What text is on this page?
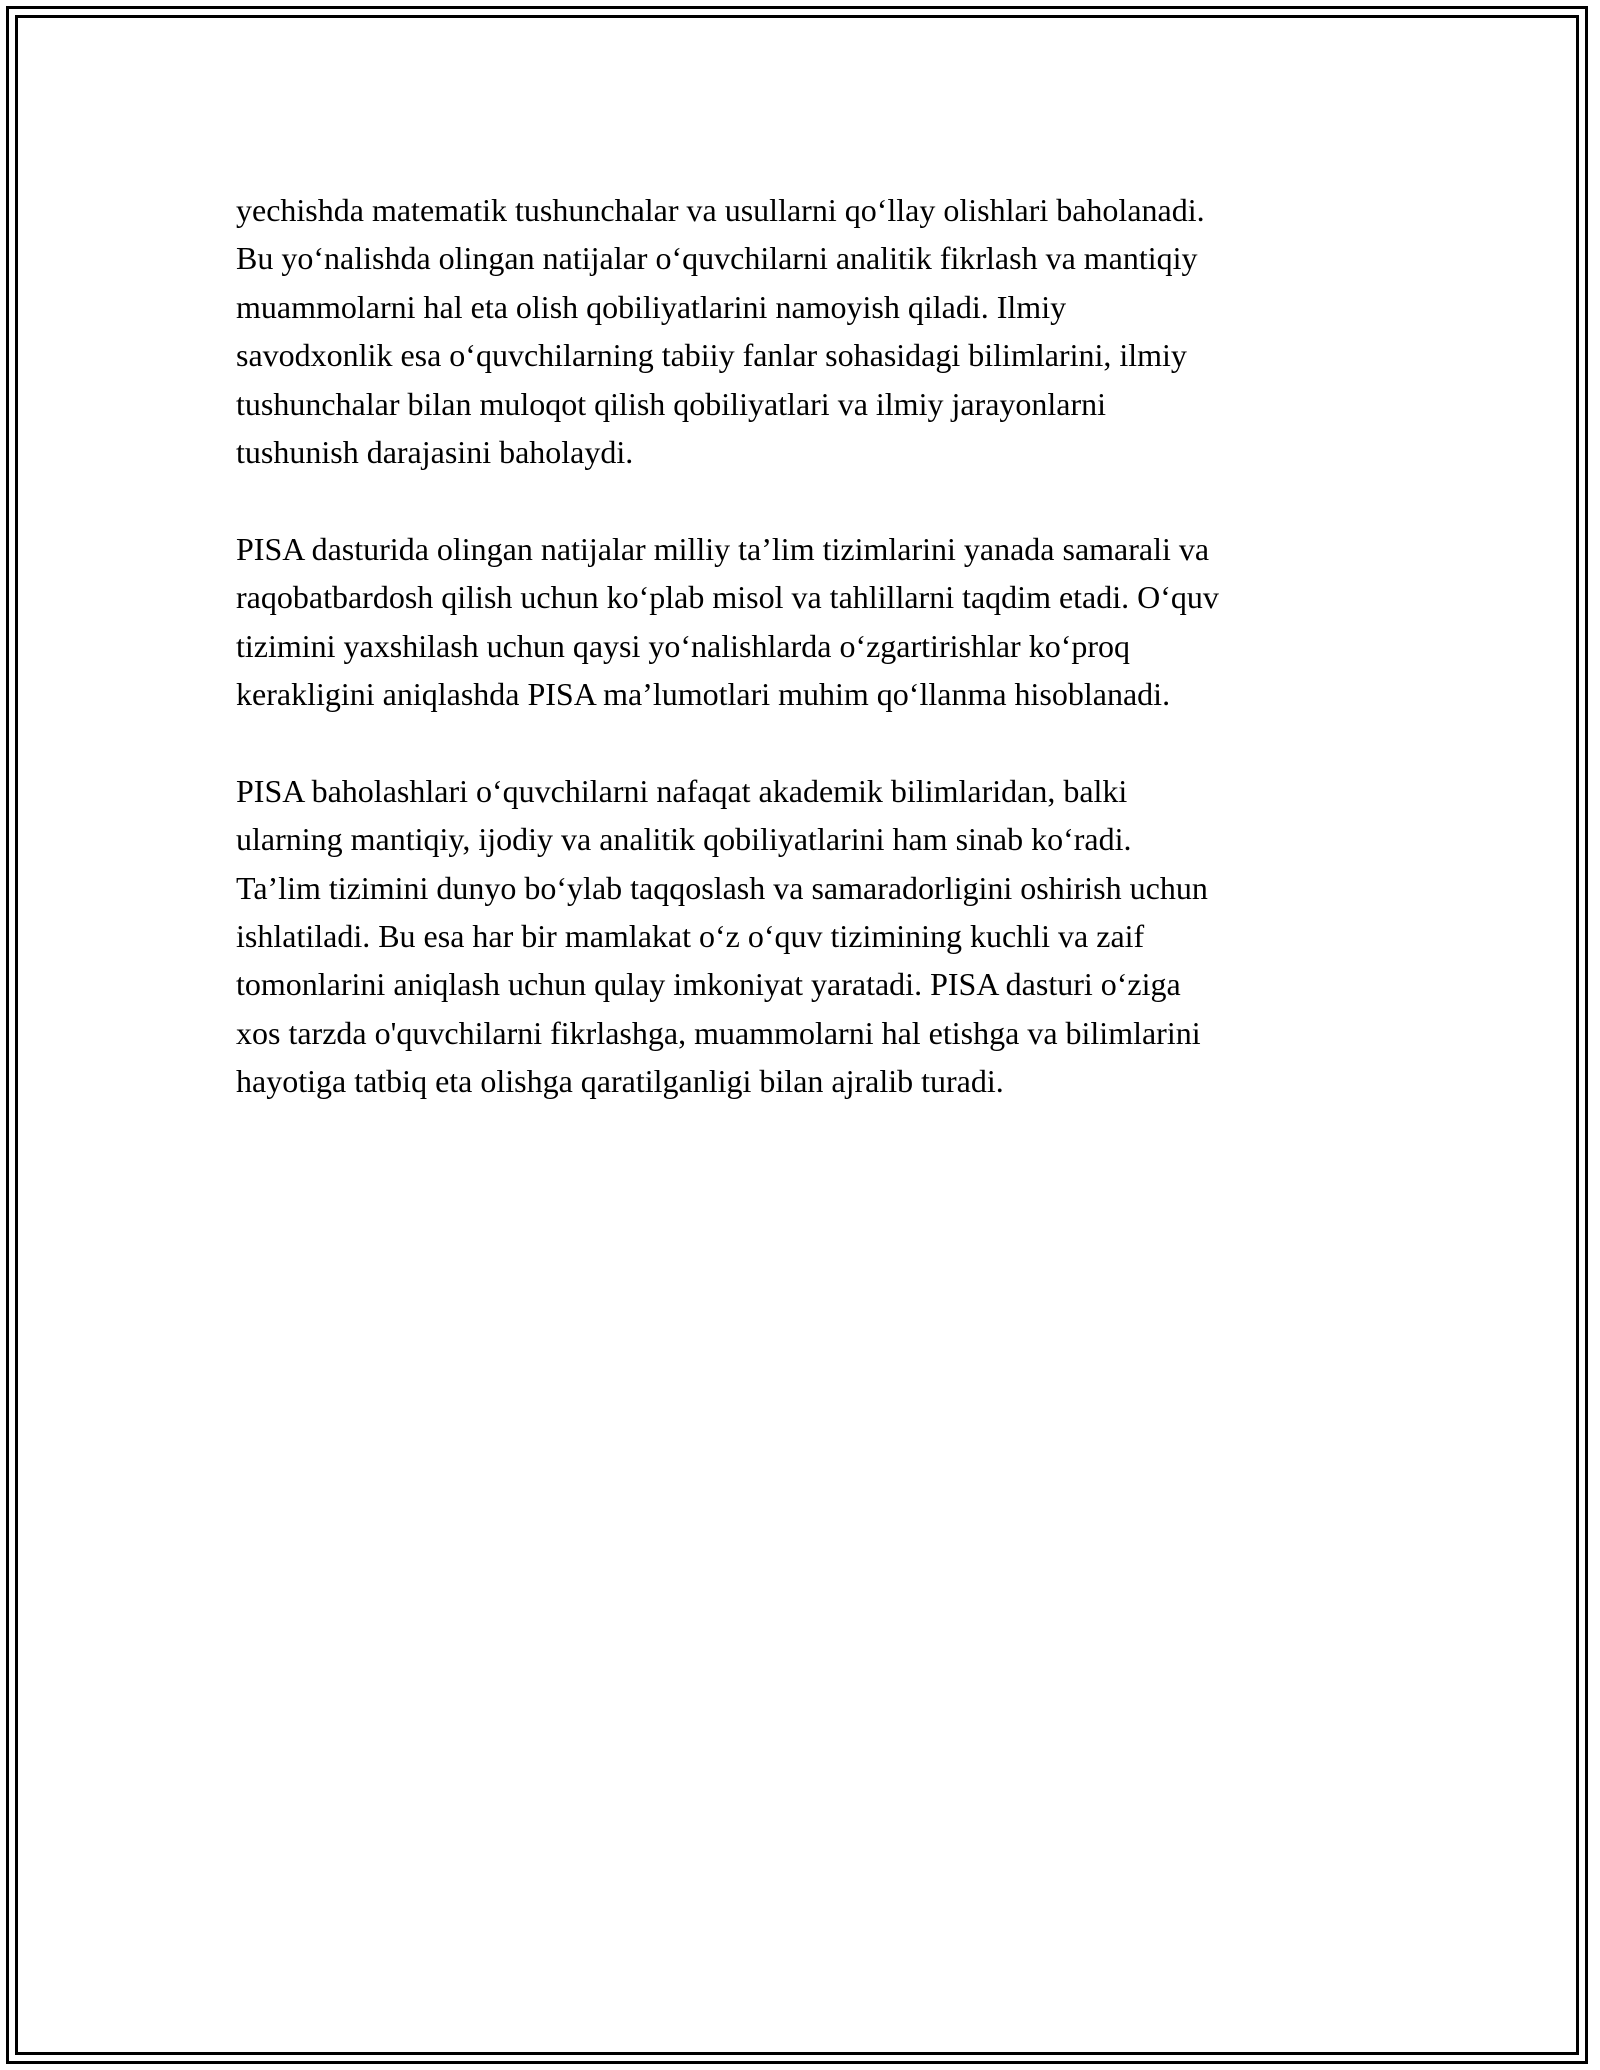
yechishda matematik tushunchalar va usullarni qo‘llay olishlari baholanadi.
Bu yo‘nalishda olingan natijalar o‘quvchilarni analitik fikrlash va mantiqiy
muammolarni hal eta olish qobiliyatlarini namoyish qiladi. Ilmiy
savodxonlik esa o‘quvchilarning tabiiy fanlar sohasidagi bilimlarini, ilmiy
tushunchalar bilan muloqot qilish qobiliyatlari va ilmiy jarayonlarni
tushunish darajasini baholaydi.
PISA dasturida olingan natijalar milliy ta’lim tizimlarini yanada samarali va
raqobatbardosh qilish uchun ko‘plab misol va tahlillarni taqdim etadi. O‘quv
tizimini yaxshilash uchun qaysi yo‘nalishlarda o‘zgartirishlar ko‘proq
kerakligini aniqlashda PISA ma’lumotlari muhim qo‘llanma hisoblanadi.
PISA baholashlari o‘quvchilarni nafaqat akademik bilimlaridan, balki
ularning mantiqiy, ijodiy va analitik qobiliyatlarini ham sinab ko‘radi.
Ta’lim tizimini dunyo bo‘ylab taqqoslash va samaradorligini oshirish uchun
ishlatiladi. Bu esa har bir mamlakat o‘z o‘quv tizimining kuchli va zaif
tomonlarini aniqlash uchun qulay imkoniyat yaratadi. PISA dasturi o‘ziga
xos tarzda o'quvchilarni fikrlashga, muammolarni hal etishga va bilimlarini
hayotiga tatbiq eta olishga qaratilganligi bilan ajralib turadi.
